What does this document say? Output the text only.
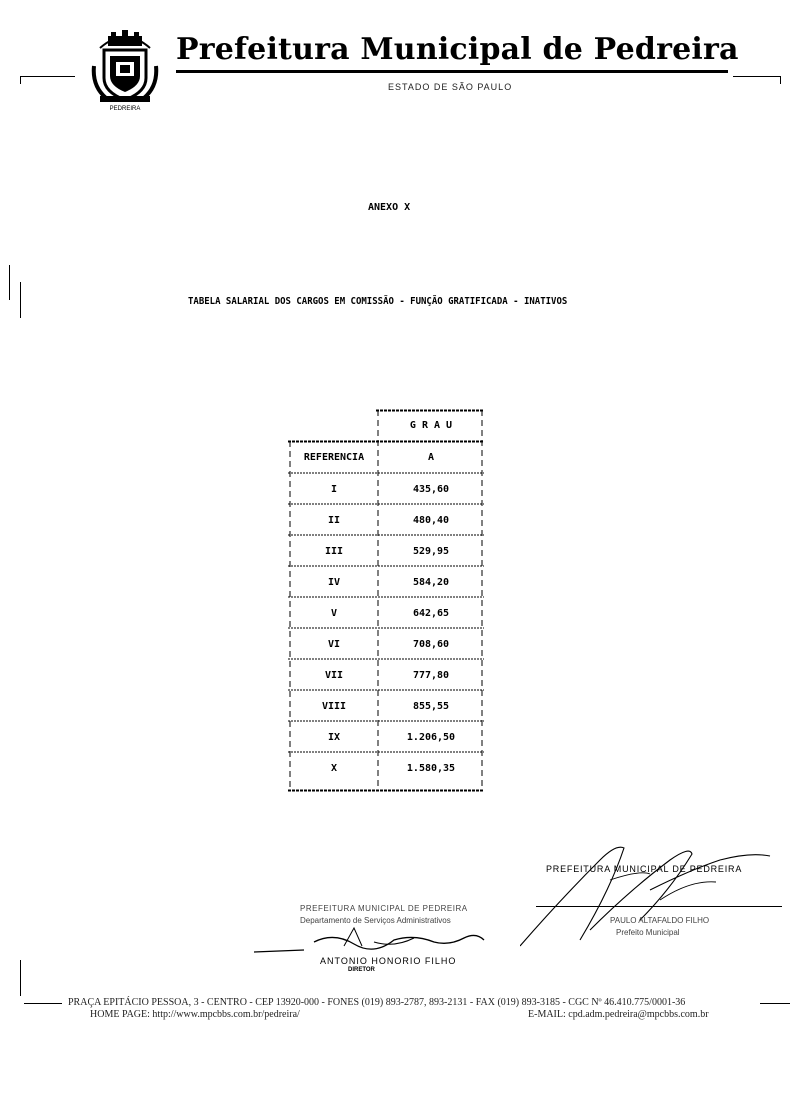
PEDREIRA
Prefeitura Municipal de Pedreira
ESTADO DE SÃO PAULO
ANEXO X
TABELA SALARIAL DOS CARGOS EM COMISSÃO - FUNÇÃO GRATIFICADA - INATIVOS
G R A U
REFERENCIA	A
I	435,60
II	480,40
III	529,95
IV	584,20
V	642,65
VI	708,60
VII	777,80
VIII	855,55
IX	1.206,50
X	1.580,35
PREFEITURA MUNICIPAL DE PEDREIRA
Departamento de Serviços Administrativos
ANTONIO HONORIO FILHO
DIRETOR
PREFEITURA MUNICIPAL DE PEDREIRA
PAULO ALTAFALDO FILHO
Prefeito Municipal
PRAÇA EPITÁCIO PESSOA, 3 - CENTRO - CEP 13920-000 - FONES (019) 893-2787, 893-2131 - FAX (019) 893-3185 - CGC Nº 46.410.775/0001-36
HOME PAGE: http://www.mpcbbs.com.br/pedreira/	E-MAIL: cpd.adm.pedreira@mpcbbs.com.br
